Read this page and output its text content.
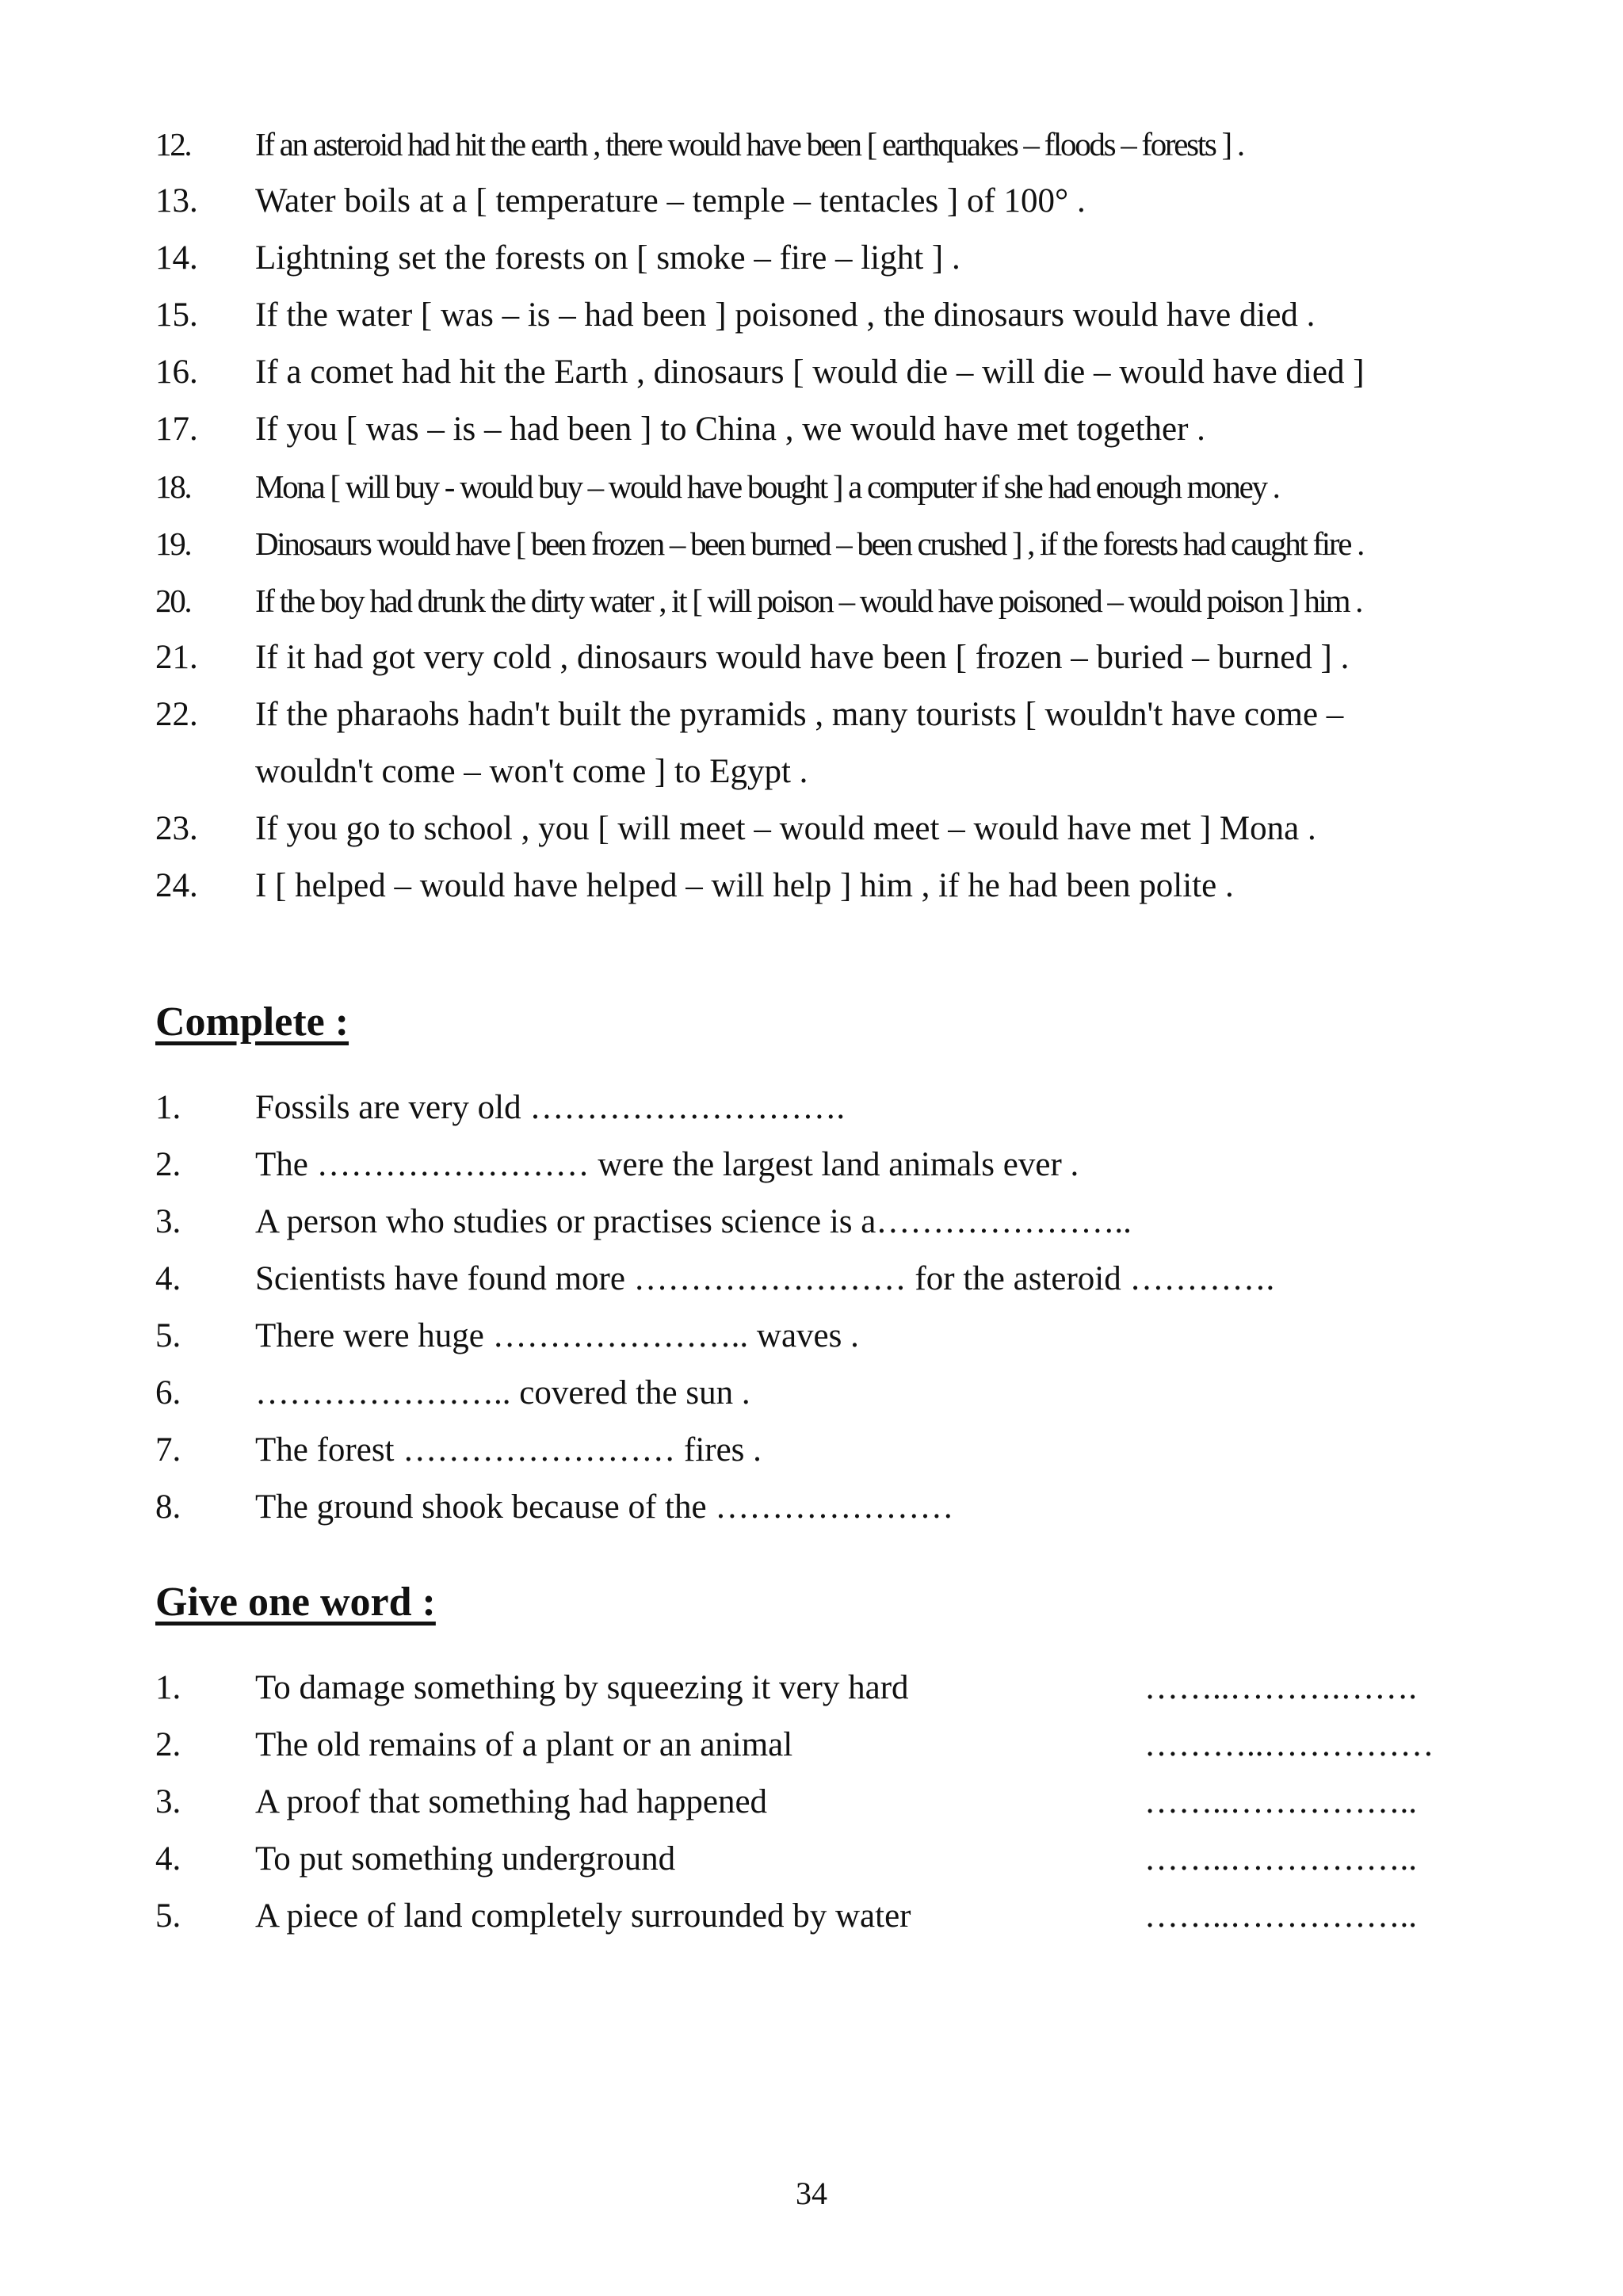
12.	If an asteroid had hit the earth , there would have been [ earthquakes – floods – forests ] .
13.	Water boils at a [ temperature – temple – tentacles ] of 100° .
14.	Lightning set the forests on [ smoke – fire – light ] .
15.	If the water [ was – is – had been ] poisoned , the dinosaurs would have died .
16.	If a comet had hit the Earth , dinosaurs [ would die – will die – would have died ]
17.	If you [ was – is – had been ] to China , we would have met together .
18.	Mona [ will buy - would buy – would have bought ] a computer if she had enough money .
19.	Dinosaurs would have [ been frozen – been burned – been crushed ] , if the forests had caught fire .
20.	If the boy had drunk the dirty water , it [ will poison – would have poisoned – would poison ] him .
21.	If it had got very cold , dinosaurs would have been [ frozen – buried – burned ] .
22.	If the pharaohs hadn't built the pyramids , many tourists [ wouldn't have come –
wouldn't come – won't come ] to Egypt .
23.	If you go to school , you [ will meet – would meet – would have met ] Mona .
24.	I [ helped – would have helped – will help ] him , if he had been polite .
Complete :
1.	Fossils are very old ……………………….
2.	The …………………… were the largest land animals ever .
3.	A person who studies or practises science is a…………………..
4.	Scientists have found more …………………… for the asteroid ………….
5.	There were huge ………………….. waves .
6.	………………….. covered the sun .
7.	The forest …………………… fires .
8.	The ground shook because of the …………………
Give one word :
1.	To damage something by squeezing it very hard	……..……….…….
2.	The old remains of a plant or an animal	………..……………
3.	A proof that something had happened	……..……………..
4.	To put something underground	……..……………..
5.	A piece of land completely surrounded by water	……..……………..
34
